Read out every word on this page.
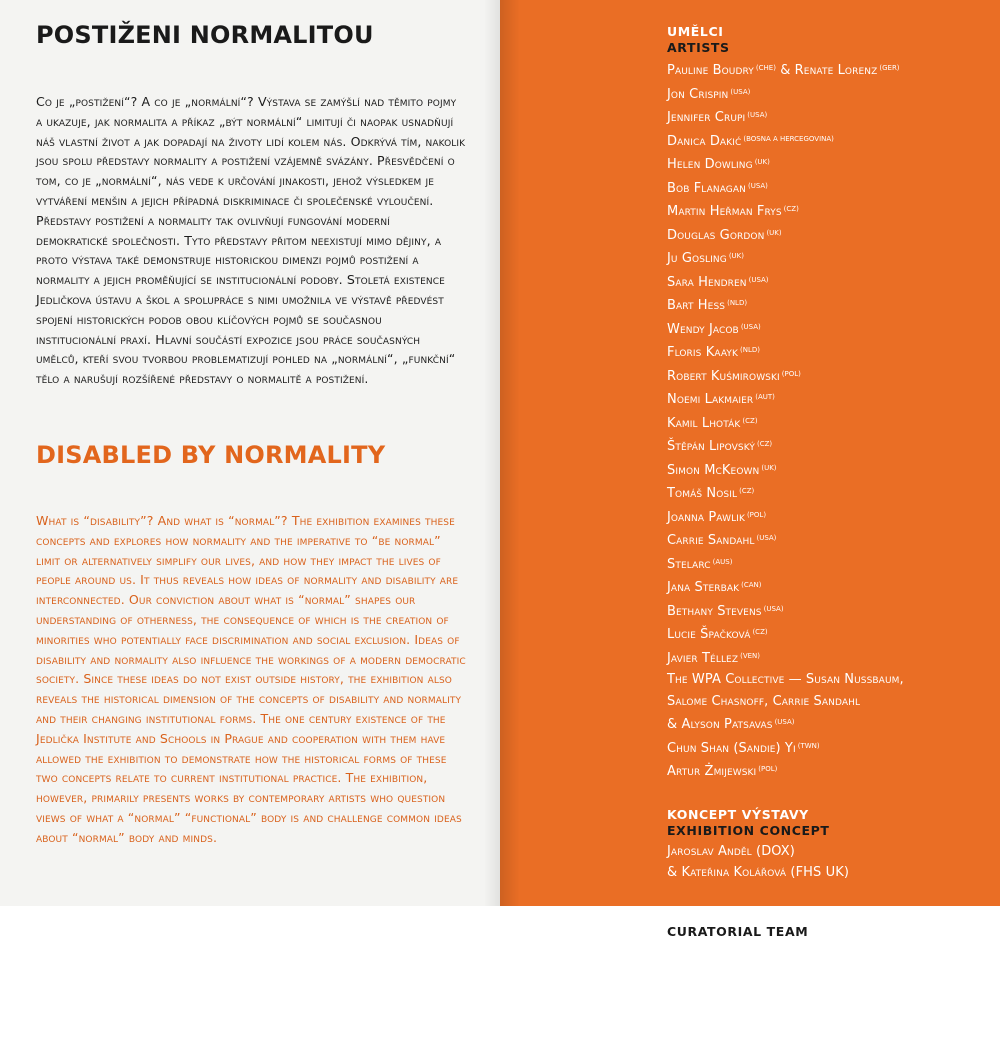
POSTIŽENI NORMALITOU

Co je „postižení“? A co je „normální“? Výstava se zamýšlí nad těmito pojmy a ukazuje, jak normalita a příkaz „být normální“ limitují či naopak usnadňují náš vlastní život a jak dopadají na životy lidí kolem nás. Odkrývá tím, nakolik jsou spolu představy normality a postižení vzájemně svázány. Přesvědčení o tom, co je „normální“, nás vede k určování jinakosti, jehož výsledkem je vytváření menšin a jejich případná diskriminace či společenské vyloučení. Představy postižení a normality tak ovlivňují fungování moderní demokratické společnosti. Tyto představy přitom neexistují mimo dějiny, a proto výstava také demonstruje historickou dimenzi pojmů postižení a normality a jejich proměňující se institucionální podoby. Stoletá existence Jedličkova ústavu a škol a spolupráce s nimi umožnila ve výstavě předvést spojení historických podob obou klíčových pojmů se současnou institucionální praxí. Hlavní součástí expozice jsou práce současných umělců, kteří svou tvorbou problematizují pohled na „normální“, „funkční“ tělo a narušují rozšířené představy o normalitě a postižení.

DISABLED BY NORMALITY

What is “disability”? And what is “normal”? The exhibition examines these concepts and explores how normality and the imperative to “be normal” limit or alternatively simplify our lives, and how they impact the lives of people around us. It thus reveals how ideas of normality and disability are interconnected. Our conviction about what is “normal” shapes our understanding of otherness, the consequence of which is the creation of minorities who potentially face discrimination and social exclusion. Ideas of disability and normality also influence the workings of a modern democratic society. Since these ideas do not exist outside history, the exhibition also reveals the historical dimension of the concepts of disability and normality and their changing institutional forms. The one century existence of the Jedlička Institute and Schools in Prague and cooperation with them have allowed the exhibition to demonstrate how the historical forms of these two concepts relate to current institutional practice. The exhibition, however, primarily presents works by contemporary artists who question views of what a “normal” “functional” body is and challenge common ideas about “normal” body and minds.

UMĚLCI
ARTISTS
Pauline Boudry $^{(CHE)}$ & Renate Lorenz $^{(GER)}$
Jon Crispin $^{(USA)}$
Jennifer Crupi $^{(USA)}$
Danica Dakić $^{(BOSNA A HERCEGOVINA)}$
Helen Dowling $^{(UK)}$
Bob Flanagan $^{(USA)}$
Martin Heřman Frys $^{(CZ)}$
Douglas Gordon $^{(UK)}$
Ju Gosling $^{(UK)}$
Sara Hendren $^{(USA)}$
Bart Hess $^{(NLD)}$
Wendy Jacob $^{(USA)}$
Floris Kaayk $^{(NLD)}$
Robert Kuśmirowski $^{(POL)}$
Noemi Lakmaier $^{(AUT)}$
Kamil Lhoták $^{(CZ)}$
Štěpán Lipovský $^{(CZ)}$
Simon McKeown $^{(UK)}$
Tomáš Nosil $^{(CZ)}$
Joanna Pawlik $^{(POL)}$
Carrie Sandahl $^{(USA)}$
Stelarc $^{(AUS)}$
Jana Sterbak $^{(CAN)}$
Bethany Stevens $^{(USA)}$
Lucie Špačková $^{(CZ)}$
Javier Téllez $^{(VEN)}$
The WPA Collective — Susan Nussbaum,
Salome Chasnoff, Carrie Sandahl
& Alyson Patsavas $^{(USA)}$
Chun Shan (Sandie) Yi $^{(TWN)}$
Artur Żmijewski $^{(POL)}$
KONCEPT VÝSTAVY
EXHIBITION CONCEPT
Jaroslav Anděl (DOX)
& Kateřina Kolářová (FHS UK)
KURÁTORSKÝ TÝM
CURATORIAL TEAM
Leoš Válka (DOX)
Michaela Šilpochová (DOX)
Andrea Hutková (JÚŠ)
Jan Pičman (JÚŠ)
Filip Herza (FHS UK)
